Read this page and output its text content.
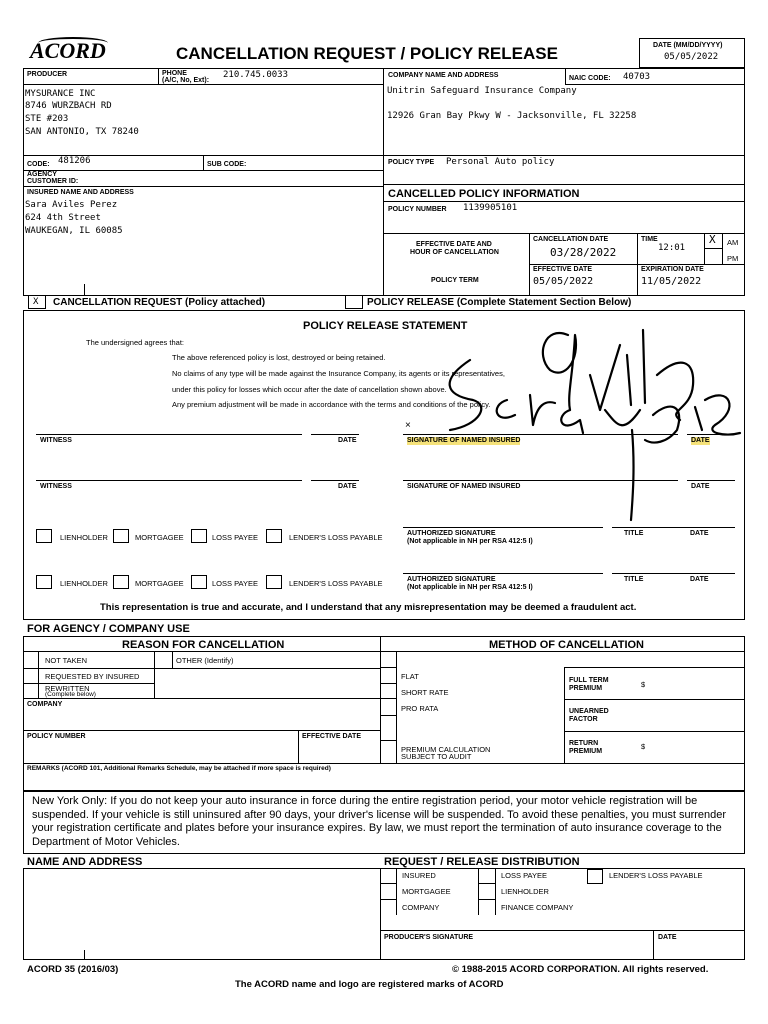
ACORD	CANCELLATION REQUEST / POLICY RELEASE	DATE (MM/DD/YYYY)
05/05/2022
PRODUCER	PHONE
(A/C, No, Ext):
210.745.0033
MYSURANCE INC
8746 WURZBACH RD
STE #203
SAN ANTONIO, TX 78240
CODE: 481206	SUB CODE:
AGENCY
CUSTOMER ID:
COMPANY NAME AND ADDRESS	NAIC CODE: 40703
Unitrin Safeguard Insurance Company
12926 Gran Bay Pkwy W - Jacksonville, FL 32258
POLICY TYPE Personal Auto policy
INSURED NAME AND ADDRESS
Sara Aviles Perez
624 4th Street
WAUKEGAN, IL 60085
CANCELLED POLICY INFORMATION
POLICY NUMBER 1139905101
EFFECTIVE DATE AND
HOUR OF CANCELLATION
CANCELLATION DATE
03/28/2022
TIME
12:01
X AM
PM
POLICY TERM
EFFECTIVE DATE
05/05/2022
EXPIRATION DATE
11/05/2022
X CANCELLATION REQUEST (Policy attached)	POLICY RELEASE (Complete Statement Section Below)
POLICY RELEASE STATEMENT
The undersigned agrees that:
The above referenced policy is lost, destroyed or being retained.
No claims of any type will be made against the Insurance Company, its agents or its representatives,
under this policy for losses which occur after the date of cancellation shown above.
Any premium adjustment will be made in accordance with the terms and conditions of the policy.
WITNESS	DATE
×
SIGNATURE OF NAMED INSURED	DATE
WITNESS	DATE	SIGNATURE OF NAMED INSURED	DATE
LIENHOLDER	MORTGAGEE	LOSS PAYEE	LENDER'S LOSS PAYABLE	AUTHORIZED SIGNATURE
(Not applicable in NH per RSA 412:5 I)
TITLE	DATE
LIENHOLDER	MORTGAGEE	LOSS PAYEE	LENDER'S LOSS PAYABLE	AUTHORIZED SIGNATURE
(Not applicable in NH per RSA 412:5 I)
TITLE	DATE
This representation is true and accurate, and I understand that any misrepresentation may be deemed a fraudulent act.
FOR AGENCY / COMPANY USE
REASON FOR CANCELLATION	METHOD OF CANCELLATION
NOT TAKEN	OTHER (Identify)
REQUESTED BY INSURED
REWRITTEN
(Complete below)
COMPANY
POLICY NUMBER	EFFECTIVE DATE
FLAT
SHORT RATE
PRO RATA
PREMIUM CALCULATION
SUBJECT TO AUDIT
FULL TERM
PREMIUM	$
UNEARNED
FACTOR
RETURN
PREMIUM
$
REMARKS (ACORD 101, Additional Remarks Schedule, may be attached if more space is required)
New York Only: If you do not keep your auto insurance in force during the entire registration period, your motor vehicle registration will be suspended. If your vehicle is still uninsured after 90 days, your driver's license will be suspended. To avoid these penalties, you must surrender your registration certificate and plates before your insurance expires. By law, we must report the termination of auto insurance coverage to the Department of Motor Vehicles.
NAME AND ADDRESS	REQUEST / RELEASE DISTRIBUTION
INSURED
MORTGAGEE
COMPANY
LOSS PAYEE
LIENHOLDER
FINANCE COMPANY
LENDER'S LOSS PAYABLE
PRODUCER'S SIGNATURE	DATE
ACORD 35 (2016/03)	© 1988-2015 ACORD CORPORATION. All rights reserved.
The ACORD name and logo are registered marks of ACORD
